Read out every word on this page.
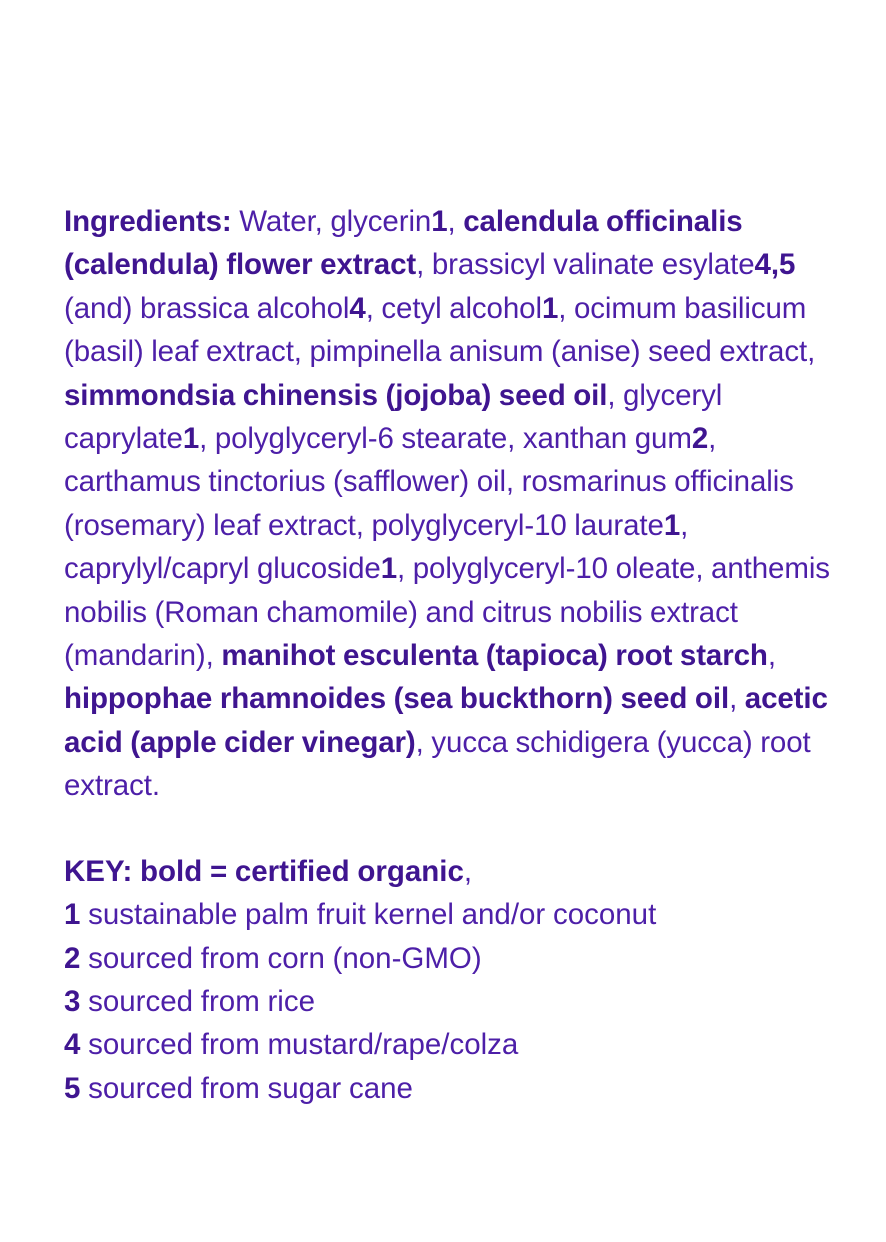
Ingredients: Water, glycerin1, calendula officinalis (calendula) flower extract, brassicyl valinate esylate4,5 (and) brassica alcohol4, cetyl alcohol1, ocimum basilicum (basil) leaf extract, pimpinella anisum (anise) seed extract, simmondsia chinensis (jojoba) seed oil, glyceryl caprylate1, polyglyceryl-6 stearate, xanthan gum2, carthamus tinctorius (safflower) oil, rosmarinus officinalis (rosemary) leaf extract, polyglyceryl-10 laurate1, caprylyl/capryl glucoside1, polyglyceryl-10 oleate, anthemis nobilis (Roman chamomile) and citrus nobilis extract (mandarin), manihot esculenta (tapioca) root starch, hippophae rhamnoides (sea buckthorn) seed oil, acetic acid (apple cider vinegar), yucca schidigera (yucca) root extract.

KEY: bold = certified organic,
1 sustainable palm fruit kernel and/or coconut
2 sourced from corn (non-GMO)
3 sourced from rice
4 sourced from mustard/rape/colza
5 sourced from sugar cane
